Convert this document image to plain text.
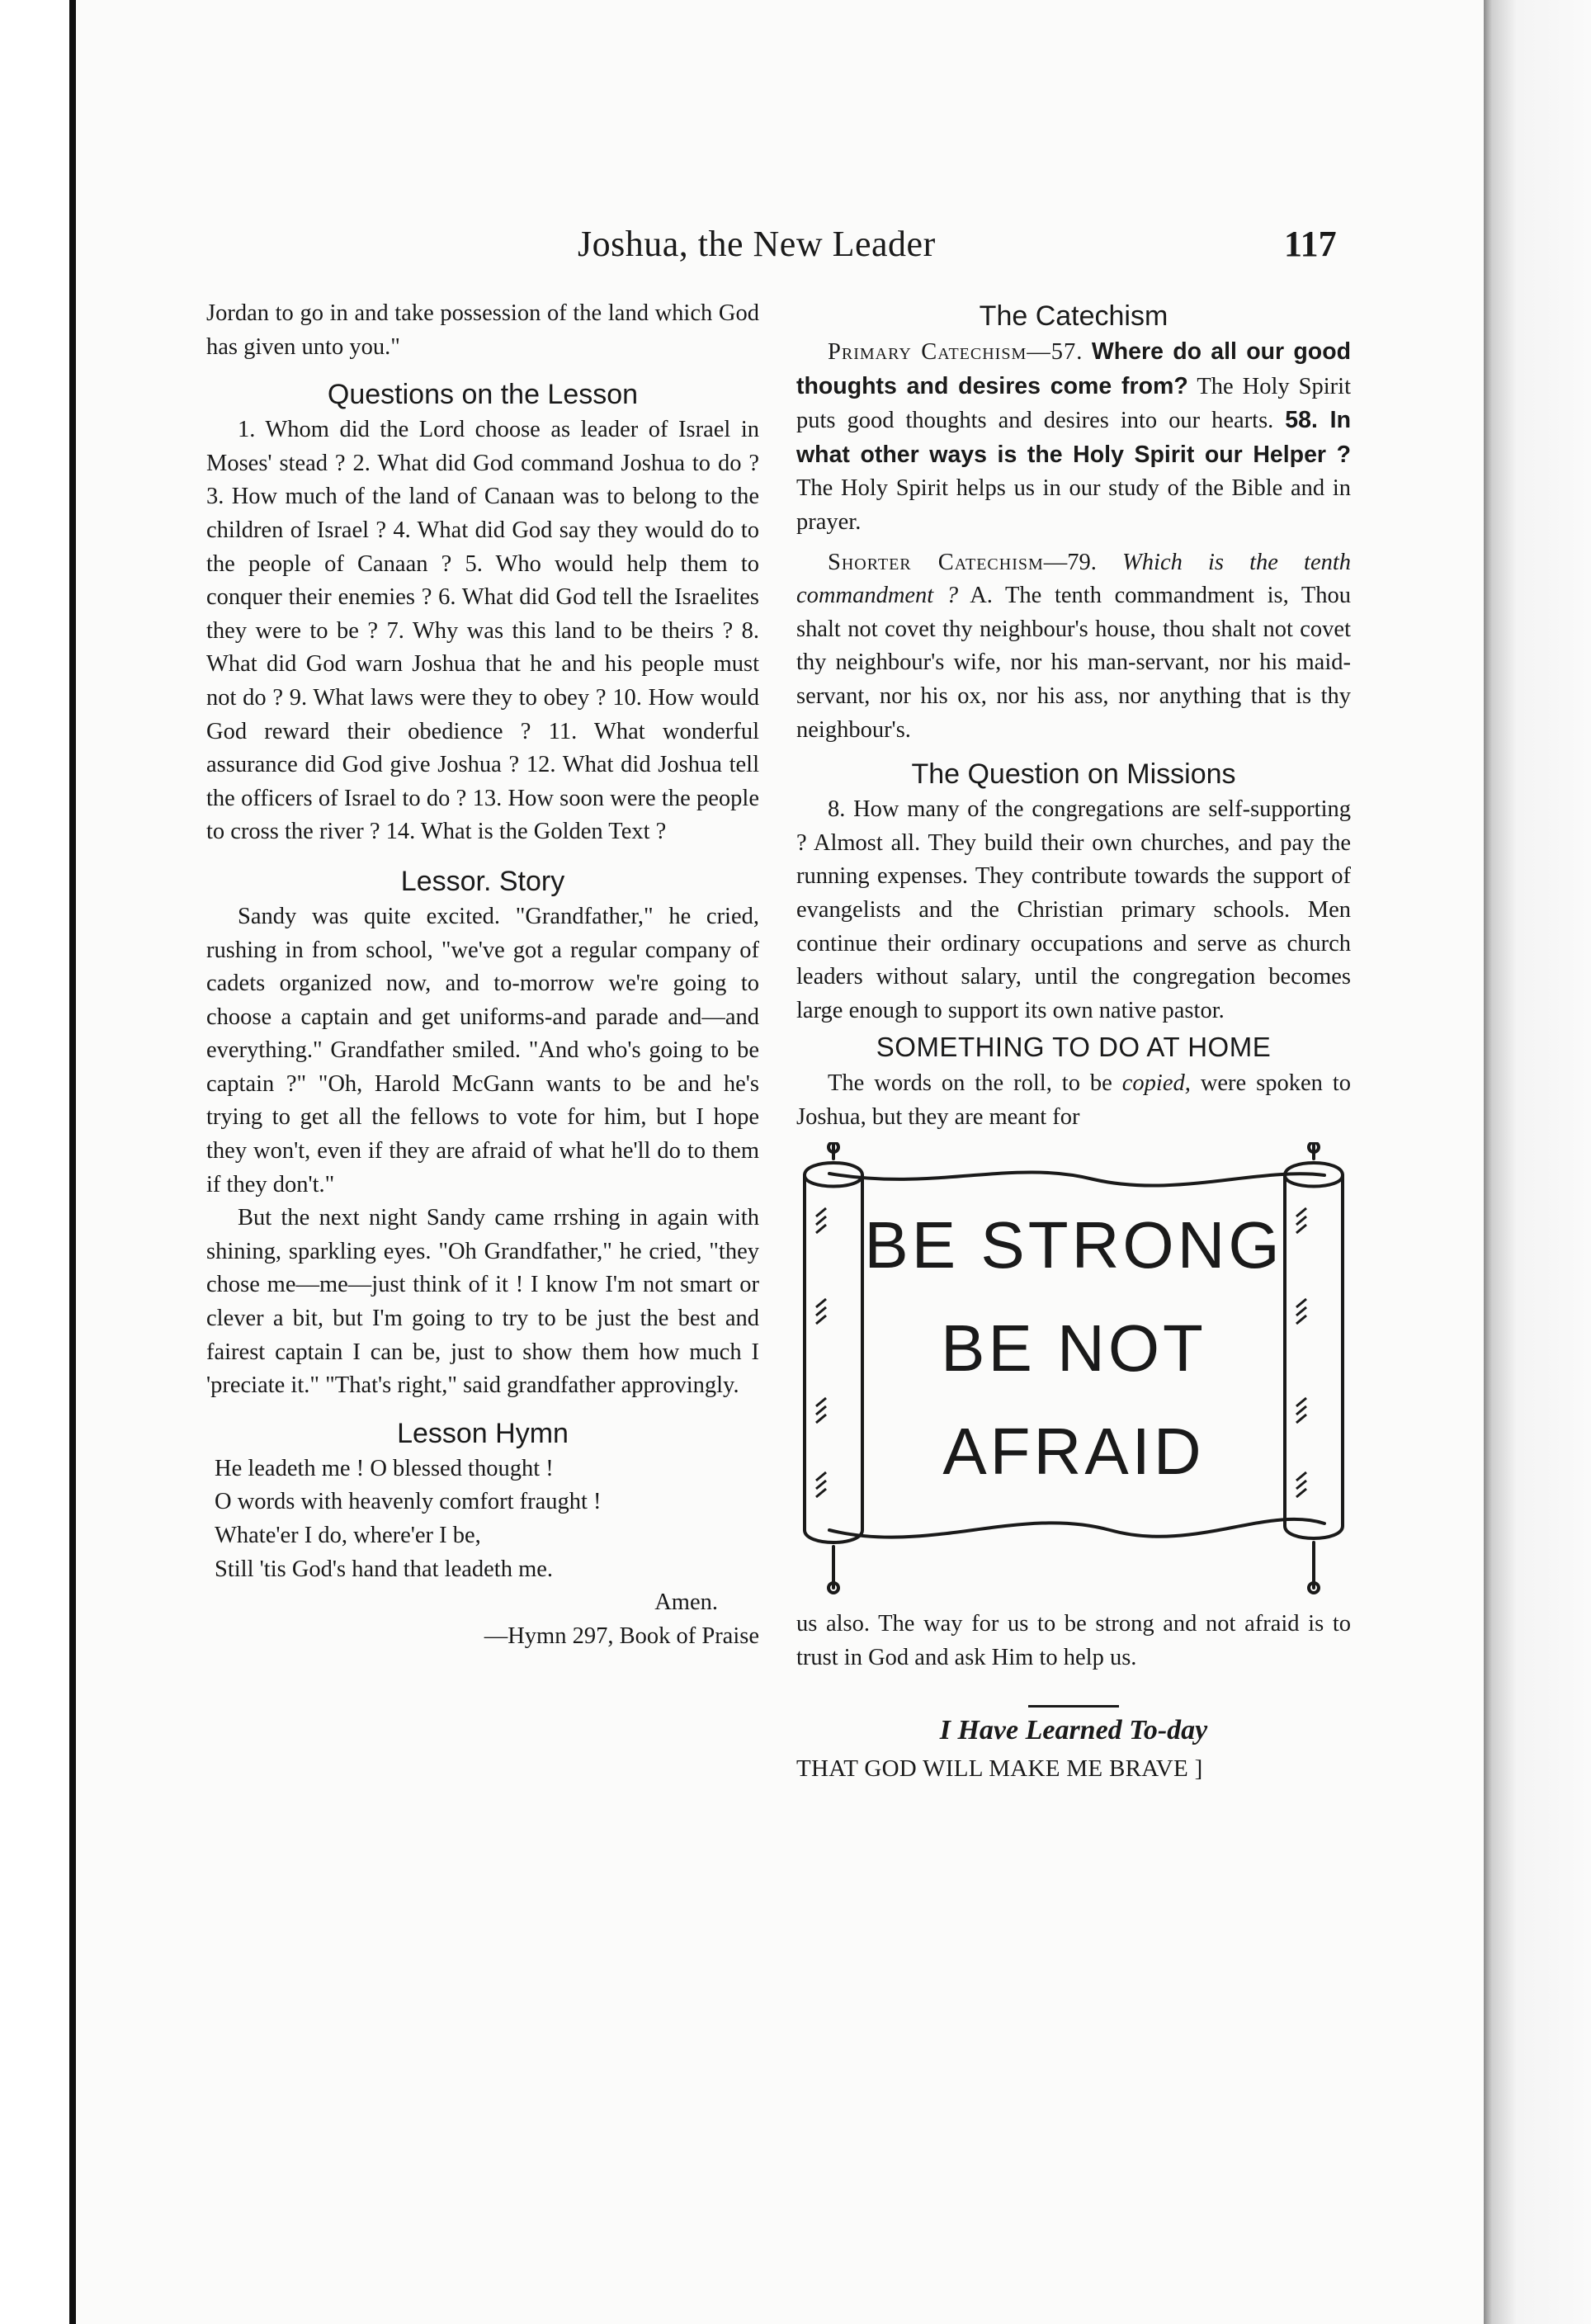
Joshua, the New Leader	117

Jordan to go in and take possession of the land which God has given unto you."

Questions on the Lesson

1. Whom did the Lord choose as leader of Israel in Moses' stead ? 2. What did God command Joshua to do ? 3. How much of the land of Canaan was to belong to the children of Israel ? 4. What did God say they would do to the people of Canaan ? 5. Who would help them to conquer their enemies ? 6. What did God tell the Israelites they were to be ? 7. Why was this land to be theirs ? 8. What did God warn Joshua that he and his people must not do ? 9. What laws were they to obey ? 10. How would God reward their obedience ? 11. What wonderful assurance did God give Joshua ? 12. What did Joshua tell the officers of Israel to do ? 13. How soon were the people to cross the river ? 14. What is the Golden Text ?

Lessor. Story

Sandy was quite excited. "Grandfather," he cried, rushing in from school, "we've got a regular company of cadets organized now, and to-morrow we're going to choose a captain and get uniforms-and parade and—and everything." Grandfather smiled. "And who's going to be captain ?" "Oh, Harold McGann wants to be and he's trying to get all the fellows to vote for him, but I hope they won't, even if they are afraid of what he'll do to them if they don't."

But the next night Sandy came rrshing in again with shining, sparkling eyes. "Oh Grandfather," he cried, "they chose me—me—just think of it ! I know I'm not smart or clever a bit, but I'm going to try to be just the best and fairest captain I can be, just to show them how much I 'preciate it." "That's right," said grandfather approvingly.

Lesson Hymn

He leadeth me ! O blessed thought !

O words with heavenly comfort fraught !

Whate'er I do, where'er I be,

Still 'tis God's hand that leadeth me.

Amen.

—Hymn 297, Book of Praise

The Catechism

Primary Catechism—57. Where do all our good thoughts and desires come from? The Holy Spirit puts good thoughts and desires into our hearts. 58. In what other ways is the Holy Spirit our Helper ? The Holy Spirit helps us in our study of the Bible and in prayer.

Shorter Catechism—79. Which is the tenth commandment ? A. The tenth commandment is, Thou shalt not covet thy neighbour's house, thou shalt not covet thy neighbour's wife, nor his man-servant, nor his maid-servant, nor his ox, nor his ass, nor anything that is thy neighbour's.

The Question on Missions

8. How many of the congregations are self-supporting ? Almost all. They build their own churches, and pay the running expenses. They contribute towards the support of evangelists and the Christian primary schools. Men continue their ordinary occupations and serve as church leaders without salary, until the congregation becomes large enough to support its own native pastor.

SOMETHING TO DO AT HOME

The words on the roll, to be copied, were spoken to Joshua, but they are meant for

BE STRONG
BE NOT
AFRAID

us also. The way for us to be strong and not afraid is to trust in God and ask Him to help us.

I Have Learned To-day

THAT GOD WILL MAKE ME BRAVE ]
